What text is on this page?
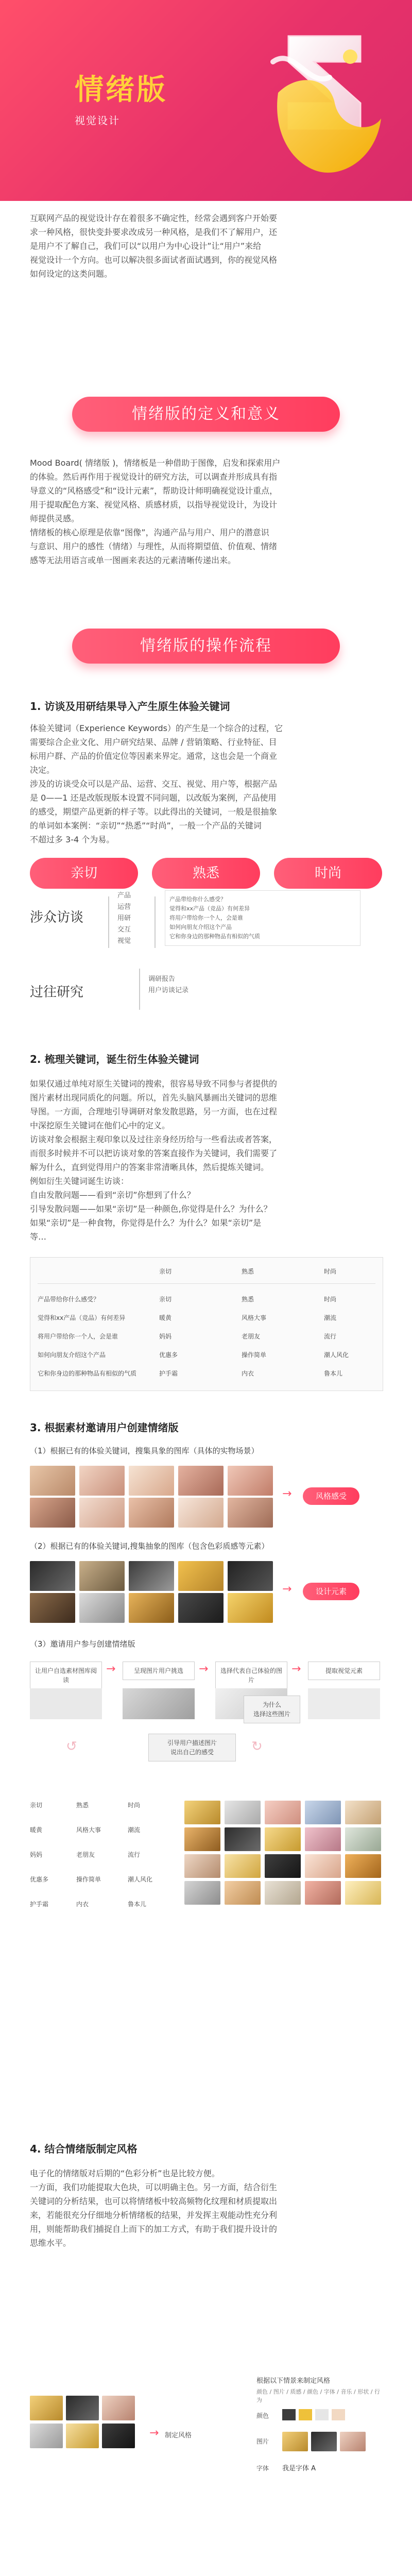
情绪版
视觉设计
互联网产品的视觉设计存在着很多不确定性，经常会遇到客户开始要
求一种风格，很快变卦要求改成另一种风格，是我们不了解用户，还
是用户不了解自己，我们可以“以用户为中心设计”让“用户”来给
视觉设计一个方向。也可以解决很多面试者面试遇到，你的视觉风格
如何设定的这类问题。
情绪版的定义和意义
Mood Board( 情绪版 )，情绪板是一种借助于图像，启发和探索用户
的体验。然后再作用于视觉设计的研究方法，可以调查并形成具有指
导意义的“风格感受”和“设计元素”，帮助设计师明确视觉设计重点，
用于提取配色方案、视觉风格、质感材质，以指导视觉设计，为设计
师提供灵感。
情绪板的核心原理是依靠“图像”，沟通产品与用户、用户的潜意识
与意识、用户的感性（情绪）与理性，从而将期望值、价值观、情绪
感等无法用语言或单一图画来表达的元素清晰传递出来。
情绪版的操作流程
1. 访谈及用研结果导入产生原生体验关键词
体验关键词（Experience Keywords）的产生是一个综合的过程，它
需要综合企业文化、用户研究结果、品牌 / 营销策略、行业特征、目
标用户群、产品的价值定位等因素来界定。通常，这也会是一个商业
决定。
涉及的访谈受众可以是产品、运营、交互、视觉、用户等，根据产品
是 0——1 还是改版现版本设置不同问题，以改版为案例，产品使用
的感受，期望产品更新的样子等。以此得出的关键词，一般是很抽象
的单词如本案例：“亲切”“热悉”“时尚”，一般一个产品的关键词
不超过多 3-4 个为易。
亲切	熟悉	时尚
涉众访谈
产品
运营
用研
交互
视觉
产品带给你什么感受？
觉得和xx产品（竞品）有何差异
将用户带给你一个人，会是谁
如何向朋友介绍这个产品
它和你身边的那种物品有相似的气质
过往研究
调研报告
用户访谈记录
2. 梳理关键词，诞生衍生体验关键词
如果仅通过单纯对原生关键词的搜索，很容易导致不同参与者提供的
图片素材出现同质化的问题。所以，首先头脑风暴画出关键词的思维
导图。一方面，合理地引导调研对象发散思路，另一方面，也在过程
中深挖原生关键词在他们心中的定义。
访谈对象会根据主观印象以及过往亲身经历给与一些看法或者答案，
而很多时候并不可以把访谈对象的答案直接作为关键词，我们需要了
解为什么，直到觉得用户的答案非常清晰具体，然后提炼关键词。
例如衍生关键词诞生访谈：
自由发散问题——看到“亲切”你想到了什么？
引导发散问题——如果“亲切”是一种颜色,你觉得是什么？为什么？
如果“亲切”是一种食物，你觉得是什么？为什么？如果“亲切”是
等…
亲切	熟悉	时尚
产品带给你什么感受？	亲切	熟悉	时尚
觉得和xx产品（竞品）有何差异	暖黄	风格大事	潮流
将用户带给你一个人，会是谁	妈妈	老朋友	流行
如何向朋友介绍这个产品	优惠多	操作简单	潮人风化
它和你身边的那种物品有相似的气质	护手霜	内衣	鲁本儿
3. 根据素材邀请用户创建情绪版
（1）根据已有的体验关键词，搜集具象的图库（具体的实物场景）
→	风格感受
（2）根据已有的体验关键词,搜集抽象的图库（包含色彩质感等元素）
→	设计元素
（3）邀请用户参与创建情绪版
让用户自选素材图库阅读
呈现图片用户挑选	选择代表自己体验的图片
提取视觉元素
→	→	→
为什么
选择这些图片
↺	引导用户描述图片
说出自己的感受	↻
亲切	熟悉	时尚
暖黄	风格大事	潮流
妈妈	老朋友	流行
优惠多	操作简单	潮人风化
护手霜	内衣	鲁本儿
4. 结合情绪版制定风格
电子化的情绪版对后期的“色彩分析”也是比较方便。
一方面，我们功能提取大色块，可以明确主色。另一方面，结合衍生
关键词的分析结果，也可以将情绪板中较高频物化纹理和材质提取出
来，若能很充分仔细地分析情绪板的结果，并发挥主观能动性充分利
用，则能帮助我们捕捉自上而下的加工方式，有助于我们提升设计的
思维水平。
→ 制定风格
根据以下情景来制定风格
颜色 / 图片 / 质感 / 颜色 / 字体 / 音乐 / 形状 / 行为
颜色
图片
字体 我是字体 A
